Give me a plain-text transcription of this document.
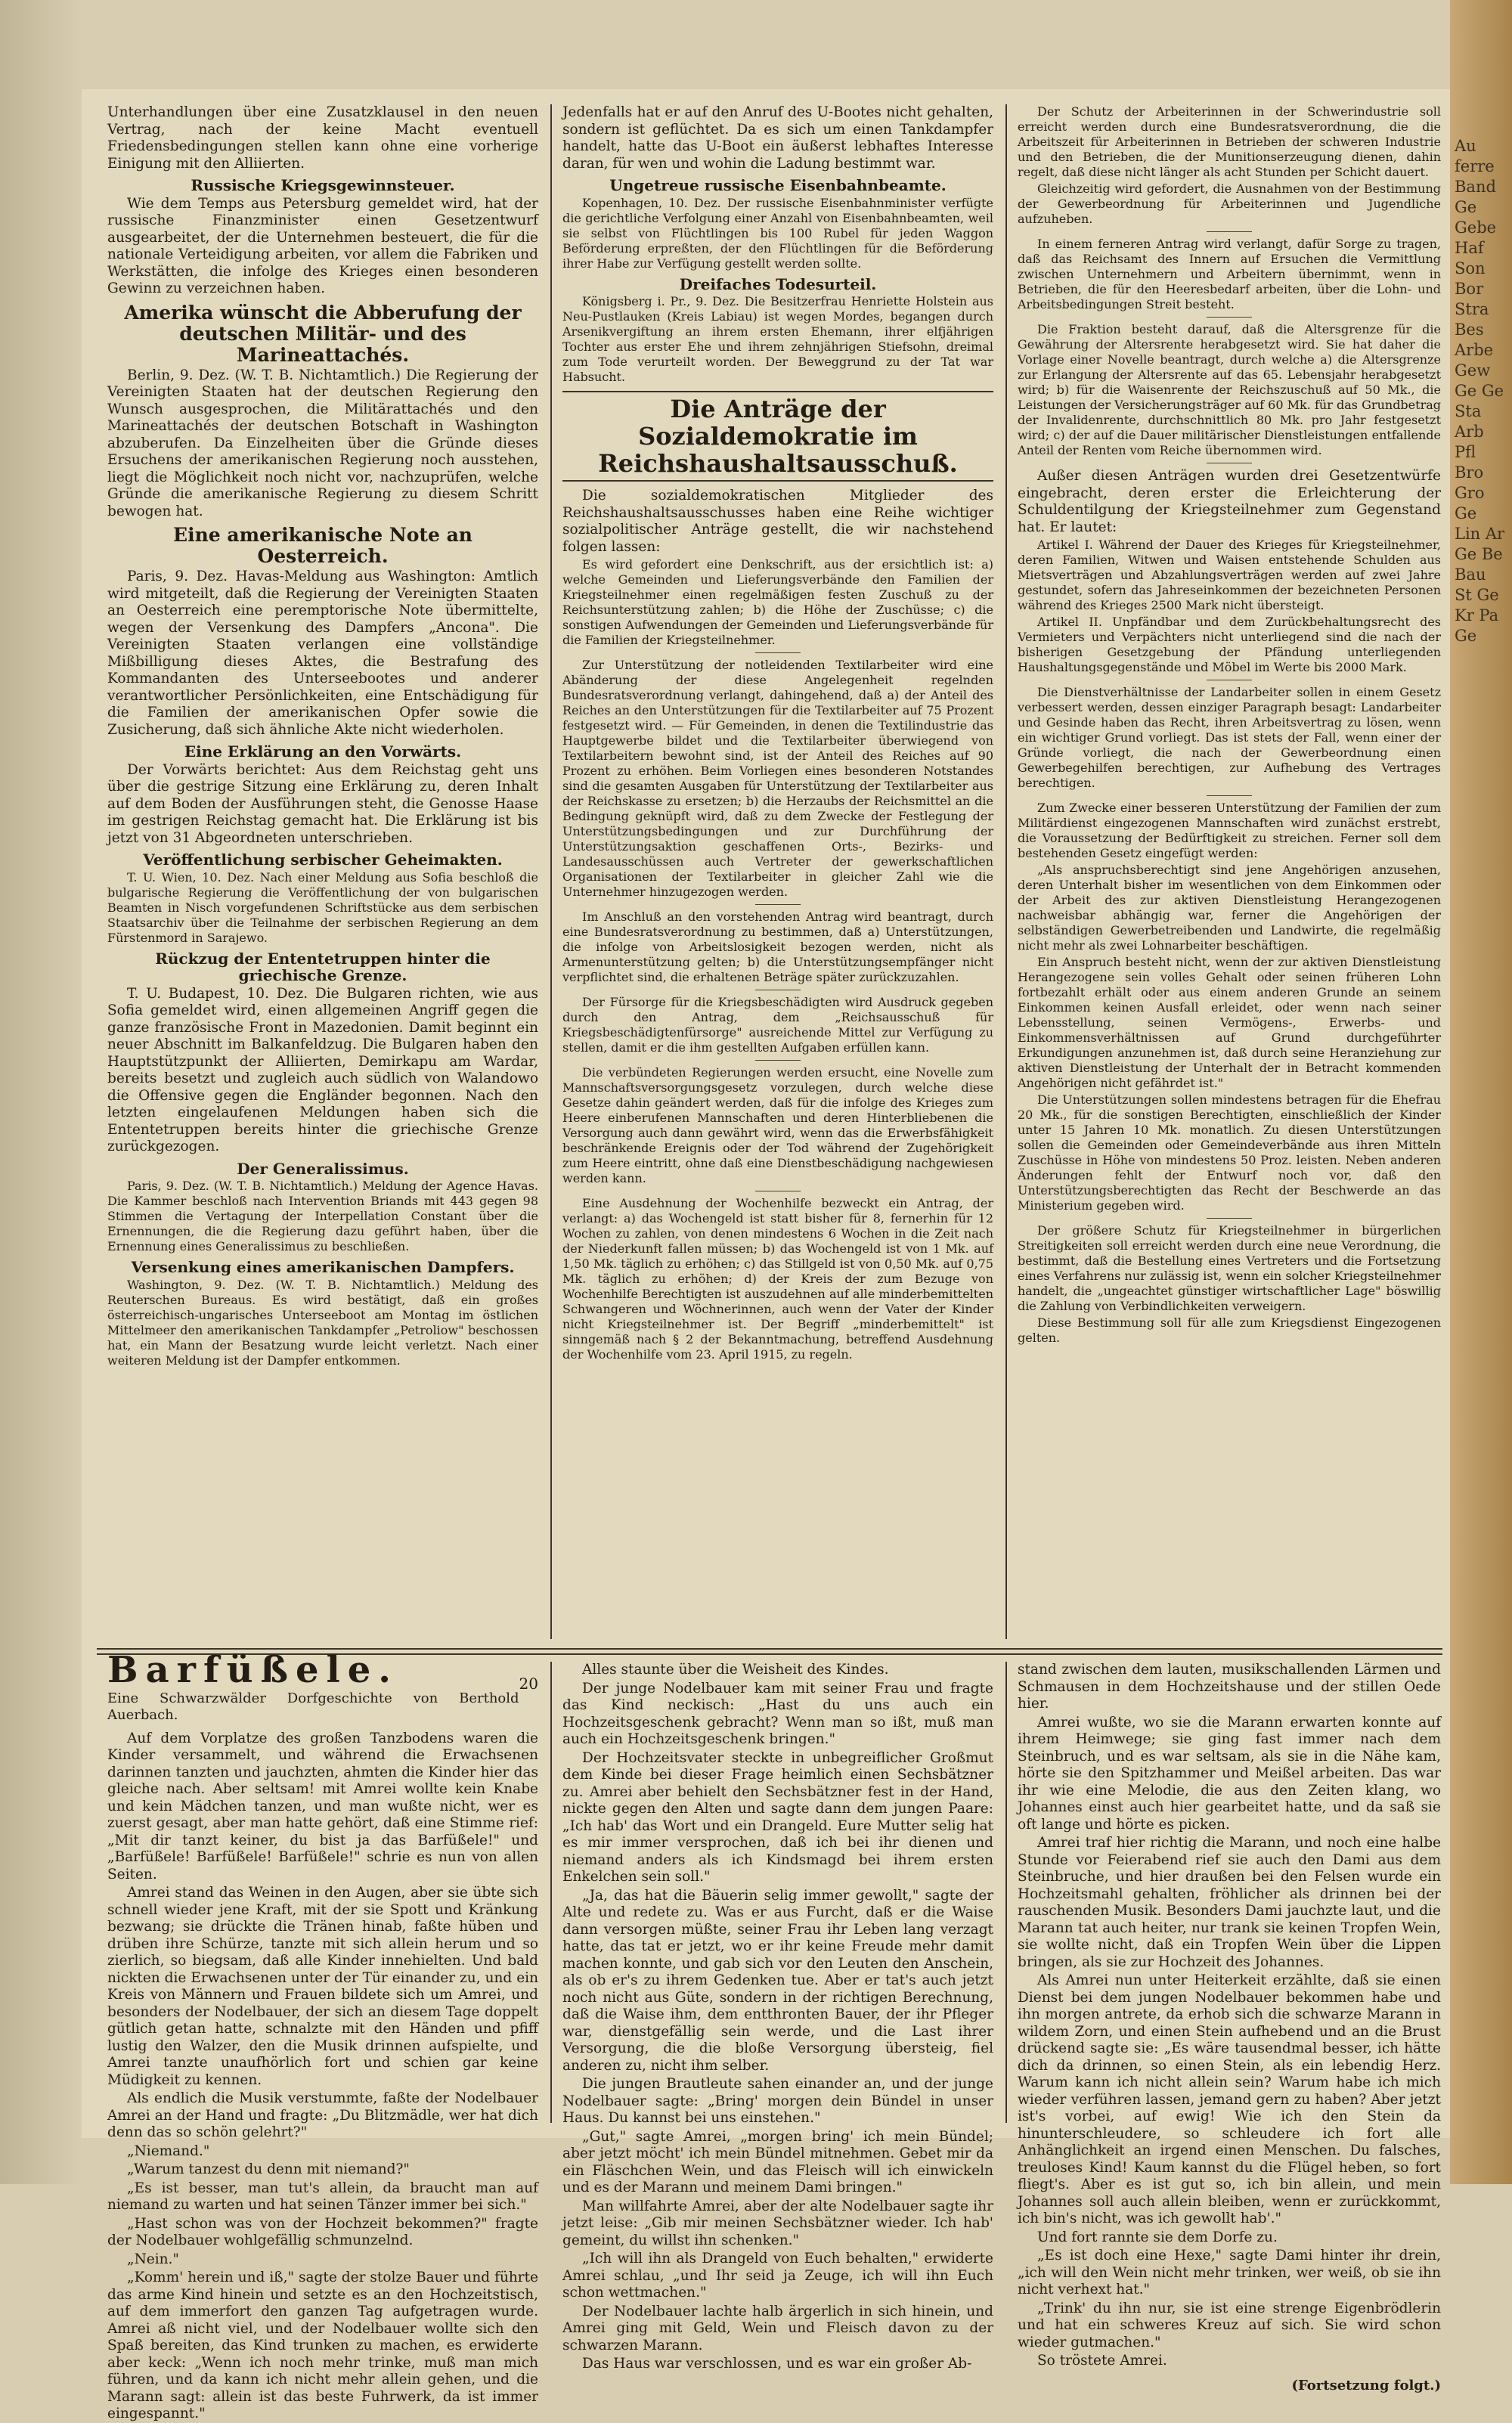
Au ferre Band Ge Gebe Haf Son Bor Stra Bes Arbe Gew Ge Ge Sta Arb Pfl Bro Gro Ge Lin Ar Ge Be Bau St Ge Kr Pa Ge

Unterhandlungen über eine Zusatzklausel in den neuen Vertrag, nach der keine Macht eventuell Friedensbedingungen stellen kann ohne eine vorherige Einigung mit den Alliierten.

Russische Kriegsgewinnsteuer.

Wie dem Temps aus Petersburg gemeldet wird, hat der russische Finanzminister einen Gesetzentwurf ausgearbeitet, der die Unternehmen besteuert, die für die nationale Verteidigung arbeiten, vor allem die Fabriken und Werkstätten, die infolge des Krieges einen besonderen Gewinn zu verzeichnen haben.

Amerika wünscht die Abberufung der deutschen Militär- und des Marineattachés.

Berlin, 9. Dez. (W. T. B. Nichtamtlich.) Die Regierung der Vereinigten Staaten hat der deutschen Regierung den Wunsch ausgesprochen, die Militärattachés und den Marineattachés der deutschen Botschaft in Washington abzuberufen. Da Einzelheiten über die Gründe dieses Ersuchens der amerikanischen Regierung noch ausstehen, liegt die Möglichkeit noch nicht vor, nachzuprüfen, welche Gründe die amerikanische Regierung zu diesem Schritt bewogen hat.

Eine amerikanische Note an Oesterreich.

Paris, 9. Dez. Havas-Meldung aus Washington: Amtlich wird mitgeteilt, daß die Regierung der Vereinigten Staaten an Oesterreich eine peremptorische Note übermittelte, wegen der Versenkung des Dampfers „Ancona". Die Vereinigten Staaten verlangen eine vollständige Mißbilligung dieses Aktes, die Bestrafung des Kommandanten des Unterseebootes und anderer verantwortlicher Persönlichkeiten, eine Entschädigung für die Familien der amerikanischen Opfer sowie die Zusicherung, daß sich ähnliche Akte nicht wiederholen.

Eine Erklärung an den Vorwärts.

Der Vorwärts berichtet: Aus dem Reichstag geht uns über die gestrige Sitzung eine Erklärung zu, deren Inhalt auf dem Boden der Ausführungen steht, die Genosse Haase im gestrigen Reichstag gemacht hat. Die Erklärung ist bis jetzt von 31 Abgeordneten unterschrieben.

Veröffentlichung serbischer Geheimakten.

T. U. Wien, 10. Dez. Nach einer Meldung aus Sofia beschloß die bulgarische Regierung die Veröffentlichung der von bulgarischen Beamten in Nisch vorgefundenen Schriftstücke aus dem serbischen Staatsarchiv über die Teilnahme der serbischen Regierung an dem Fürstenmord in Sarajewo.

Rückzug der Ententetruppen hinter die griechische Grenze.

T. U. Budapest, 10. Dez. Die Bulgaren richten, wie aus Sofia gemeldet wird, einen allgemeinen Angriff gegen die ganze französische Front in Mazedonien. Damit beginnt ein neuer Abschnitt im Balkanfeldzug. Die Bulgaren haben den Hauptstützpunkt der Alliierten, Demirkapu am Wardar, bereits besetzt und zugleich auch südlich von Walandowo die Offensive gegen die Engländer begonnen. Nach den letzten eingelaufenen Meldungen haben sich die Ententetruppen bereits hinter die griechische Grenze zurückgezogen.

Der Generalissimus.

Paris, 9. Dez. (W. T. B. Nichtamtlich.) Meldung der Agence Havas. Die Kammer beschloß nach Intervention Briands mit 443 gegen 98 Stimmen die Vertagung der Interpellation Constant über die Ernennungen, die die Regierung dazu geführt haben, über die Ernennung eines Generalissimus zu beschließen.

Versenkung eines amerikanischen Dampfers.

Washington, 9. Dez. (W. T. B. Nichtamtlich.) Meldung des Reuterschen Bureaus. Es wird bestätigt, daß ein großes österreichisch-ungarisches Unterseeboot am Montag im östlichen Mittelmeer den amerikanischen Tankdampfer „Petroliow" beschossen hat, ein Mann der Besatzung wurde leicht verletzt. Nach einer weiteren Meldung ist der Dampfer entkommen.

Jedenfalls hat er auf den Anruf des U-Bootes nicht gehalten, sondern ist geflüchtet. Da es sich um einen Tankdampfer handelt, hatte das U-Boot ein äußerst lebhaftes Interesse daran, für wen und wohin die Ladung bestimmt war.

Ungetreue russische Eisenbahnbeamte.

Kopenhagen, 10. Dez. Der russische Eisenbahnminister verfügte die gerichtliche Verfolgung einer Anzahl von Eisenbahnbeamten, weil sie selbst von Flüchtlingen bis 100 Rubel für jeden Waggon Beförderung erpreßten, der den Flüchtlingen für die Beförderung ihrer Habe zur Verfügung gestellt werden sollte.

Dreifaches Todesurteil.

Königsberg i. Pr., 9. Dez. Die Besitzerfrau Henriette Holstein aus Neu-Pustlauken (Kreis Labiau) ist wegen Mordes, begangen durch Arsenikvergiftung an ihrem ersten Ehemann, ihrer elfjährigen Tochter aus erster Ehe und ihrem zehnjährigen Stiefsohn, dreimal zum Tode verurteilt worden. Der Beweggrund zu der Tat war Habsucht.

Die Anträge der Sozialdemokratie im Reichshaushaltsausschuß.

Die sozialdemokratischen Mitglieder des Reichshaushaltsausschusses haben eine Reihe wichtiger sozialpolitischer Anträge gestellt, die wir nachstehend folgen lassen:

Es wird gefordert eine Denkschrift, aus der ersichtlich ist: a) welche Gemeinden und Lieferungsverbände den Familien der Kriegsteilnehmer einen regelmäßigen festen Zuschuß zu der Reichsunterstützung zahlen; b) die Höhe der Zuschüsse; c) die sonstigen Aufwendungen der Gemeinden und Lieferungsverbände für die Familien der Kriegsteilnehmer.

Zur Unterstützung der notleidenden Textilarbeiter wird eine Abänderung der diese Angelegenheit regelnden Bundesratsverordnung verlangt, dahingehend, daß a) der Anteil des Reiches an den Unterstützungen für die Textilarbeiter auf 75 Prozent festgesetzt wird. — Für Gemeinden, in denen die Textilindustrie das Hauptgewerbe bildet und die Textilarbeiter überwiegend von Textilarbeitern bewohnt sind, ist der Anteil des Reiches auf 90 Prozent zu erhöhen. Beim Vorliegen eines besonderen Notstandes sind die gesamten Ausgaben für Unterstützung der Textilarbeiter aus der Reichskasse zu ersetzen; b) die Herzaubs der Reichsmittel an die Bedingung geknüpft wird, daß zu dem Zwecke der Festlegung der Unterstützungsbedingungen und zur Durchführung der Unterstützungsaktion geschaffenen Orts-, Bezirks- und Landesausschüssen auch Vertreter der gewerkschaftlichen Organisationen der Textilarbeiter in gleicher Zahl wie die Unternehmer hinzugezogen werden.

Im Anschluß an den vorstehenden Antrag wird beantragt, durch eine Bundesratsverordnung zu bestimmen, daß a) Unterstützungen, die infolge von Arbeitslosigkeit bezogen werden, nicht als Armenunterstützung gelten; b) die Unterstützungsempfänger nicht verpflichtet sind, die erhaltenen Beträge später zurückzuzahlen.

Der Fürsorge für die Kriegsbeschädigten wird Ausdruck gegeben durch den Antrag, dem „Reichsausschuß für Kriegsbeschädigtenfürsorge" ausreichende Mittel zur Verfügung zu stellen, damit er die ihm gestellten Aufgaben erfüllen kann.

Die verbündeten Regierungen werden ersucht, eine Novelle zum Mannschaftsversorgungsgesetz vorzulegen, durch welche diese Gesetze dahin geändert werden, daß für die infolge des Krieges zum Heere einberufenen Mannschaften und deren Hinterbliebenen die Versorgung auch dann gewährt wird, wenn das die Erwerbsfähigkeit beschränkende Ereignis oder der Tod während der Zugehörigkeit zum Heere eintritt, ohne daß eine Dienstbeschädigung nachgewiesen werden kann.

Eine Ausdehnung der Wochenhilfe bezweckt ein Antrag, der verlangt: a) das Wochengeld ist statt bisher für 8, fernerhin für 12 Wochen zu zahlen, von denen mindestens 6 Wochen in die Zeit nach der Niederkunft fallen müssen; b) das Wochengeld ist von 1 Mk. auf 1,50 Mk. täglich zu erhöhen; c) das Stillgeld ist von 0,50 Mk. auf 0,75 Mk. täglich zu erhöhen; d) der Kreis der zum Bezuge von Wochenhilfe Berechtigten ist auszudehnen auf alle minderbemittelten Schwangeren und Wöchnerinnen, auch wenn der Vater der Kinder nicht Kriegsteilnehmer ist. Der Begriff „minderbemittelt" ist sinngemäß nach § 2 der Bekanntmachung, betreffend Ausdehnung der Wochenhilfe vom 23. April 1915, zu regeln.

Der Schutz der Arbeiterinnen in der Schwerindustrie soll erreicht werden durch eine Bundesratsverordnung, die die Arbeitszeit für Arbeiterinnen in Betrieben der schweren Industrie und den Betrieben, die der Munitionserzeugung dienen, dahin regelt, daß diese nicht länger als acht Stunden per Schicht dauert.

Gleichzeitig wird gefordert, die Ausnahmen von der Bestimmung der Gewerbeordnung für Arbeiterinnen und Jugendliche aufzuheben.

In einem ferneren Antrag wird verlangt, dafür Sorge zu tragen, daß das Reichsamt des Innern auf Ersuchen die Vermittlung zwischen Unternehmern und Arbeitern übernimmt, wenn in Betrieben, die für den Heeresbedarf arbeiten, über die Lohn- und Arbeitsbedingungen Streit besteht.

Die Fraktion besteht darauf, daß die Altersgrenze für die Gewährung der Altersrente herabgesetzt wird. Sie hat daher die Vorlage einer Novelle beantragt, durch welche a) die Altersgrenze zur Erlangung der Altersrente auf das 65. Lebensjahr herabgesetzt wird; b) für die Waisenrente der Reichszuschuß auf 50 Mk., die Leistungen der Versicherungsträger auf 60 Mk. für das Grundbetrag der Invalidenrente, durchschnittlich 80 Mk. pro Jahr festgesetzt wird; c) der auf die Dauer militärischer Dienstleistungen entfallende Anteil der Renten vom Reiche übernommen wird.

Außer diesen Anträgen wurden drei Gesetzentwürfe eingebracht, deren erster die Erleichterung der Schuldentilgung der Kriegsteilnehmer zum Gegenstand hat. Er lautet:

Artikel I. Während der Dauer des Krieges für Kriegsteilnehmer, deren Familien, Witwen und Waisen entstehende Schulden aus Mietsverträgen und Abzahlungsverträgen werden auf zwei Jahre gestundet, sofern das Jahreseinkommen der bezeichneten Personen während des Krieges 2500 Mark nicht übersteigt.

Artikel II. Unpfändbar und dem Zurückbehaltungsrecht des Vermieters und Verpächters nicht unterliegend sind die nach der bisherigen Gesetzgebung der Pfändung unterliegenden Haushaltungsgegenstände und Möbel im Werte bis 2000 Mark.

Die Dienstverhältnisse der Landarbeiter sollen in einem Gesetz verbessert werden, dessen einziger Paragraph besagt: Landarbeiter und Gesinde haben das Recht, ihren Arbeitsvertrag zu lösen, wenn ein wichtiger Grund vorliegt. Das ist stets der Fall, wenn einer der Gründe vorliegt, die nach der Gewerbeordnung einen Gewerbegehilfen berechtigen, zur Aufhebung des Vertrages berechtigen.

Zum Zwecke einer besseren Unterstützung der Familien der zum Militärdienst eingezogenen Mannschaften wird zunächst erstrebt, die Voraussetzung der Bedürftigkeit zu streichen. Ferner soll dem bestehenden Gesetz eingefügt werden:

„Als anspruchsberechtigt sind jene Angehörigen anzusehen, deren Unterhalt bisher im wesentlichen von dem Einkommen oder der Arbeit des zur aktiven Dienstleistung Herangezogenen nachweisbar abhängig war, ferner die Angehörigen der selbständigen Gewerbetreibenden und Landwirte, die regelmäßig nicht mehr als zwei Lohnarbeiter beschäftigen.

Ein Anspruch besteht nicht, wenn der zur aktiven Dienstleistung Herangezogene sein volles Gehalt oder seinen früheren Lohn fortbezahlt erhält oder aus einem anderen Grunde an seinem Einkommen keinen Ausfall erleidet, oder wenn nach seiner Lebensstellung, seinen Vermögens-, Erwerbs- und Einkommensverhältnissen auf Grund durchgeführter Erkundigungen anzunehmen ist, daß durch seine Heranziehung zur aktiven Dienstleistung der Unterhalt der in Betracht kommenden Angehörigen nicht gefährdet ist."

Die Unterstützungen sollen mindestens betragen für die Ehefrau 20 Mk., für die sonstigen Berechtigten, einschließlich der Kinder unter 15 Jahren 10 Mk. monatlich. Zu diesen Unterstützungen sollen die Gemeinden oder Gemeindeverbände aus ihren Mitteln Zuschüsse in Höhe von mindestens 50 Proz. leisten. Neben anderen Änderungen fehlt der Entwurf noch vor, daß den Unterstützungsberechtigten das Recht der Beschwerde an das Ministerium gegeben wird.

Der größere Schutz für Kriegsteilnehmer in bürgerlichen Streitigkeiten soll erreicht werden durch eine neue Verordnung, die bestimmt, daß die Bestellung eines Vertreters und die Fortsetzung eines Verfahrens nur zulässig ist, wenn ein solcher Kriegsteilnehmer handelt, die „ungeachtet günstiger wirtschaftlicher Lage" böswillig die Zahlung von Verbindlichkeiten verweigern.

Diese Bestimmung soll für alle zum Kriegsdienst Eingezogenen gelten.

Barfüßele.	20
Eine Schwarzwälder Dorfgeschichte von Berthold Auerbach.

Auf dem Vorplatze des großen Tanzbodens waren die Kinder versammelt, und während die Erwachsenen darinnen tanzten und jauchzten, ahmten die Kinder hier das gleiche nach. Aber seltsam! mit Amrei wollte kein Knabe und kein Mädchen tanzen, und man wußte nicht, wer es zuerst gesagt, aber man hatte gehört, daß eine Stimme rief: „Mit dir tanzt keiner, du bist ja das Barfüßele!" und „Barfüßele! Barfüßele! Barfüßele!" schrie es nun von allen Seiten.

Amrei stand das Weinen in den Augen, aber sie übte sich schnell wieder jene Kraft, mit der sie Spott und Kränkung bezwang; sie drückte die Tränen hinab, faßte hüben und drüben ihre Schürze, tanzte mit sich allein herum und so zierlich, so biegsam, daß alle Kinder innehielten. Und bald nickten die Erwachsenen unter der Tür einander zu, und ein Kreis von Männern und Frauen bildete sich um Amrei, und besonders der Nodelbauer, der sich an diesem Tage doppelt gütlich getan hatte, schnalzte mit den Händen und pfiff lustig den Walzer, den die Musik drinnen aufspielte, und Amrei tanzte unaufhörlich fort und schien gar keine Müdigkeit zu kennen.

Als endlich die Musik verstummte, faßte der Nodelbauer Amrei an der Hand und fragte: „Du Blitzmädle, wer hat dich denn das so schön gelehrt?"

„Niemand."

„Warum tanzest du denn mit niemand?"

„Es ist besser, man tut's allein, da braucht man auf niemand zu warten und hat seinen Tänzer immer bei sich."

„Hast schon was von der Hochzeit bekommen?" fragte der Nodelbauer wohlgefällig schmunzelnd.

„Nein."

„Komm' herein und iß," sagte der stolze Bauer und führte das arme Kind hinein und setzte es an den Hochzeitstisch, auf dem immerfort den ganzen Tag aufgetragen wurde. Amrei aß nicht viel, und der Nodelbauer wollte sich den Spaß bereiten, das Kind trunken zu machen, es erwiderte aber keck: „Wenn ich noch mehr trinke, muß man mich führen, und da kann ich nicht mehr allein gehen, und die Marann sagt: allein ist das beste Fuhrwerk, da ist immer eingespannt."

Alles staunte über die Weisheit des Kindes.

Der junge Nodelbauer kam mit seiner Frau und fragte das Kind neckisch: „Hast du uns auch ein Hochzeitsgeschenk gebracht? Wenn man so ißt, muß man auch ein Hochzeitsgeschenk bringen."

Der Hochzeitsvater steckte in unbegreiflicher Großmut dem Kinde bei dieser Frage heimlich einen Sechsbätzner zu. Amrei aber behielt den Sechsbätzner fest in der Hand, nickte gegen den Alten und sagte dann dem jungen Paare: „Ich hab' das Wort und ein Drangeld. Eure Mutter selig hat es mir immer versprochen, daß ich bei ihr dienen und niemand anders als ich Kindsmagd bei ihrem ersten Enkelchen sein soll."

„Ja, das hat die Bäuerin selig immer gewollt," sagte der Alte und redete zu. Was er aus Furcht, daß er die Waise dann versorgen müßte, seiner Frau ihr Leben lang verzagt hatte, das tat er jetzt, wo er ihr keine Freude mehr damit machen konnte, und gab sich vor den Leuten den Anschein, als ob er's zu ihrem Gedenken tue. Aber er tat's auch jetzt noch nicht aus Güte, sondern in der richtigen Berechnung, daß die Waise ihm, dem entthronten Bauer, der ihr Pfleger war, dienstgefällig sein werde, und die Last ihrer Versorgung, die die bloße Versorgung übersteig, fiel anderen zu, nicht ihm selber.

Die jungen Brautleute sahen einander an, und der junge Nodelbauer sagte: „Bring' morgen dein Bündel in unser Haus. Du kannst bei uns einstehen."

„Gut," sagte Amrei, „morgen bring' ich mein Bündel; aber jetzt möcht' ich mein Bündel mitnehmen. Gebet mir da ein Fläschchen Wein, und das Fleisch will ich einwickeln und es der Marann und meinem Dami bringen."

Man willfahrte Amrei, aber der alte Nodelbauer sagte ihr jetzt leise: „Gib mir meinen Sechsbätzner wieder. Ich hab' gemeint, du willst ihn schenken."

„Ich will ihn als Drangeld von Euch behalten," erwiderte Amrei schlau, „und Ihr seid ja Zeuge, ich will ihn Euch schon wettmachen."

Der Nodelbauer lachte halb ärgerlich in sich hinein, und Amrei ging mit Geld, Wein und Fleisch davon zu der schwarzen Marann.

Das Haus war verschlossen, und es war ein großer Ab-

stand zwischen dem lauten, musikschallenden Lärmen und Schmausen in dem Hochzeitshause und der stillen Oede hier.

Amrei wußte, wo sie die Marann erwarten konnte auf ihrem Heimwege; sie ging fast immer nach dem Steinbruch, und es war seltsam, als sie in die Nähe kam, hörte sie den Spitzhammer und Meißel arbeiten. Das war ihr wie eine Melodie, die aus den Zeiten klang, wo Johannes einst auch hier gearbeitet hatte, und da saß sie oft lange und hörte es picken.

Amrei traf hier richtig die Marann, und noch eine halbe Stunde vor Feierabend rief sie auch den Dami aus dem Steinbruche, und hier draußen bei den Felsen wurde ein Hochzeitsmahl gehalten, fröhlicher als drinnen bei der rauschenden Musik. Besonders Dami jauchzte laut, und die Marann tat auch heiter, nur trank sie keinen Tropfen Wein, sie wollte nicht, daß ein Tropfen Wein über die Lippen bringen, als sie zur Hochzeit des Johannes.

Als Amrei nun unter Heiterkeit erzählte, daß sie einen Dienst bei dem jungen Nodelbauer bekommen habe und ihn morgen antrete, da erhob sich die schwarze Marann in wildem Zorn, und einen Stein aufhebend und an die Brust drückend sagte sie: „Es wäre tausendmal besser, ich hätte dich da drinnen, so einen Stein, als ein lebendig Herz. Warum kann ich nicht allein sein? Warum habe ich mich wieder verführen lassen, jemand gern zu haben? Aber jetzt ist's vorbei, auf ewig! Wie ich den Stein da hinunterschleudere, so schleudere ich fort alle Anhänglichkeit an irgend einen Menschen. Du falsches, treuloses Kind! Kaum kannst du die Flügel heben, so fort fliegt's. Aber es ist gut so, ich bin allein, und mein Johannes soll auch allein bleiben, wenn er zurückkommt, ich bin's nicht, was ich gewollt hab'."

Und fort rannte sie dem Dorfe zu.

„Es ist doch eine Hexe," sagte Dami hinter ihr drein, „ich will den Wein nicht mehr trinken, wer weiß, ob sie ihn nicht verhext hat."

„Trink' du ihn nur, sie ist eine strenge Eigenbrödlerin und hat ein schweres Kreuz auf sich. Sie wird schon wieder gutmachen."

So tröstete Amrei.

(Fortsetzung folgt.)
